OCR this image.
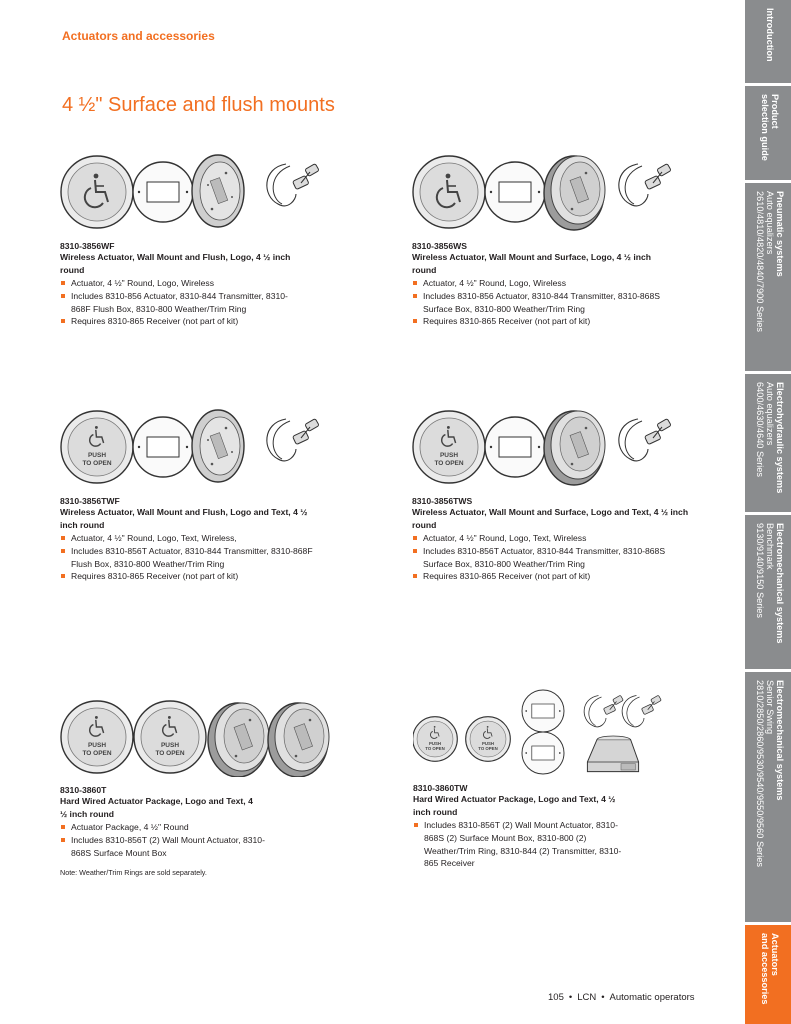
Actuators and accessories
4 ½" Surface and flush mounts
8310-3856WF
Wireless Actuator, Wall Mount and Flush, Logo, 4 ½ inch round
Actuator, 4 ½" Round, Logo, Wireless
Includes 8310-856 Actuator, 8310-844 Transmitter, 8310-868F Flush Box, 8310-800 Weather/Trim Ring
Requires 8310-865 Receiver (not part of kit)
8310-3856WS
Wireless Actuator, Wall Mount and Surface, Logo, 4 ½ inch round
Actuator, 4 ½" Round, Logo, Wireless
Includes 8310-856 Actuator, 8310-844 Transmitter, 8310-868S Surface Box, 8310-800 Weather/Trim Ring
Requires 8310-865 Receiver (not part of kit)
PUSH
TO OPEN
8310-3856TWF
Wireless Actuator, Wall Mount and Flush, Logo and Text, 4 ½ inch round
Actuator, 4 ½" Round, Logo, Text, Wireless,
Includes 8310-856T Actuator, 8310-844 Transmitter, 8310-868F Flush Box, 8310-800 Weather/Trim Ring
Requires 8310-865 Receiver (not part of kit)
PUSH
TO OPEN
8310-3856TWS
Wireless Actuator, Wall Mount and Surface, Logo and Text, 4 ½ inch round
Actuator, 4 ½" Round, Logo, Text, Wireless
Includes 8310-856T Actuator, 8310-844 Transmitter, 8310-868S Surface Box, 8310-800 Weather/Trim Ring
Requires 8310-865 Receiver (not part of kit)
PUSH
TO OPEN
PUSH
TO OPEN
8310-3860T
Hard Wired Actuator Package, Logo and Text, 4 ½ inch round
Actuator Package, 4 ½" Round
Includes 8310-856T (2) Wall Mount Actuator, 8310-868S Surface Mount Box
Note: Weather/Trim Rings are sold separately.
PUSH
TO OPEN
PUSH
TO OPEN
8310-3860TW
Hard Wired Actuator Package, Logo and Text, 4 ½ inch round
Includes 8310-856T (2) Wall Mount Actuator, 8310-868S (2) Surface Mount Box, 8310-800 (2) Weather/Trim Ring, 8310-844 (2) Transmitter, 8310-865 Receiver
Introduction
Product
selection guide
Pneumatic systems
Auto equalizers
2610/4810/4820/4840/7900 Series
Electrohydraulic systems
Auto equalizers
6400/4630/4640 Series
Electromechanical systems
Benchmark
9130/9140/9150 Series
Electromechanical systems
Senior Swing
2810/2850/2860/9530/9540/9550/9560 Series
Actuators
and accessories
105 • LCN • Automatic operators
